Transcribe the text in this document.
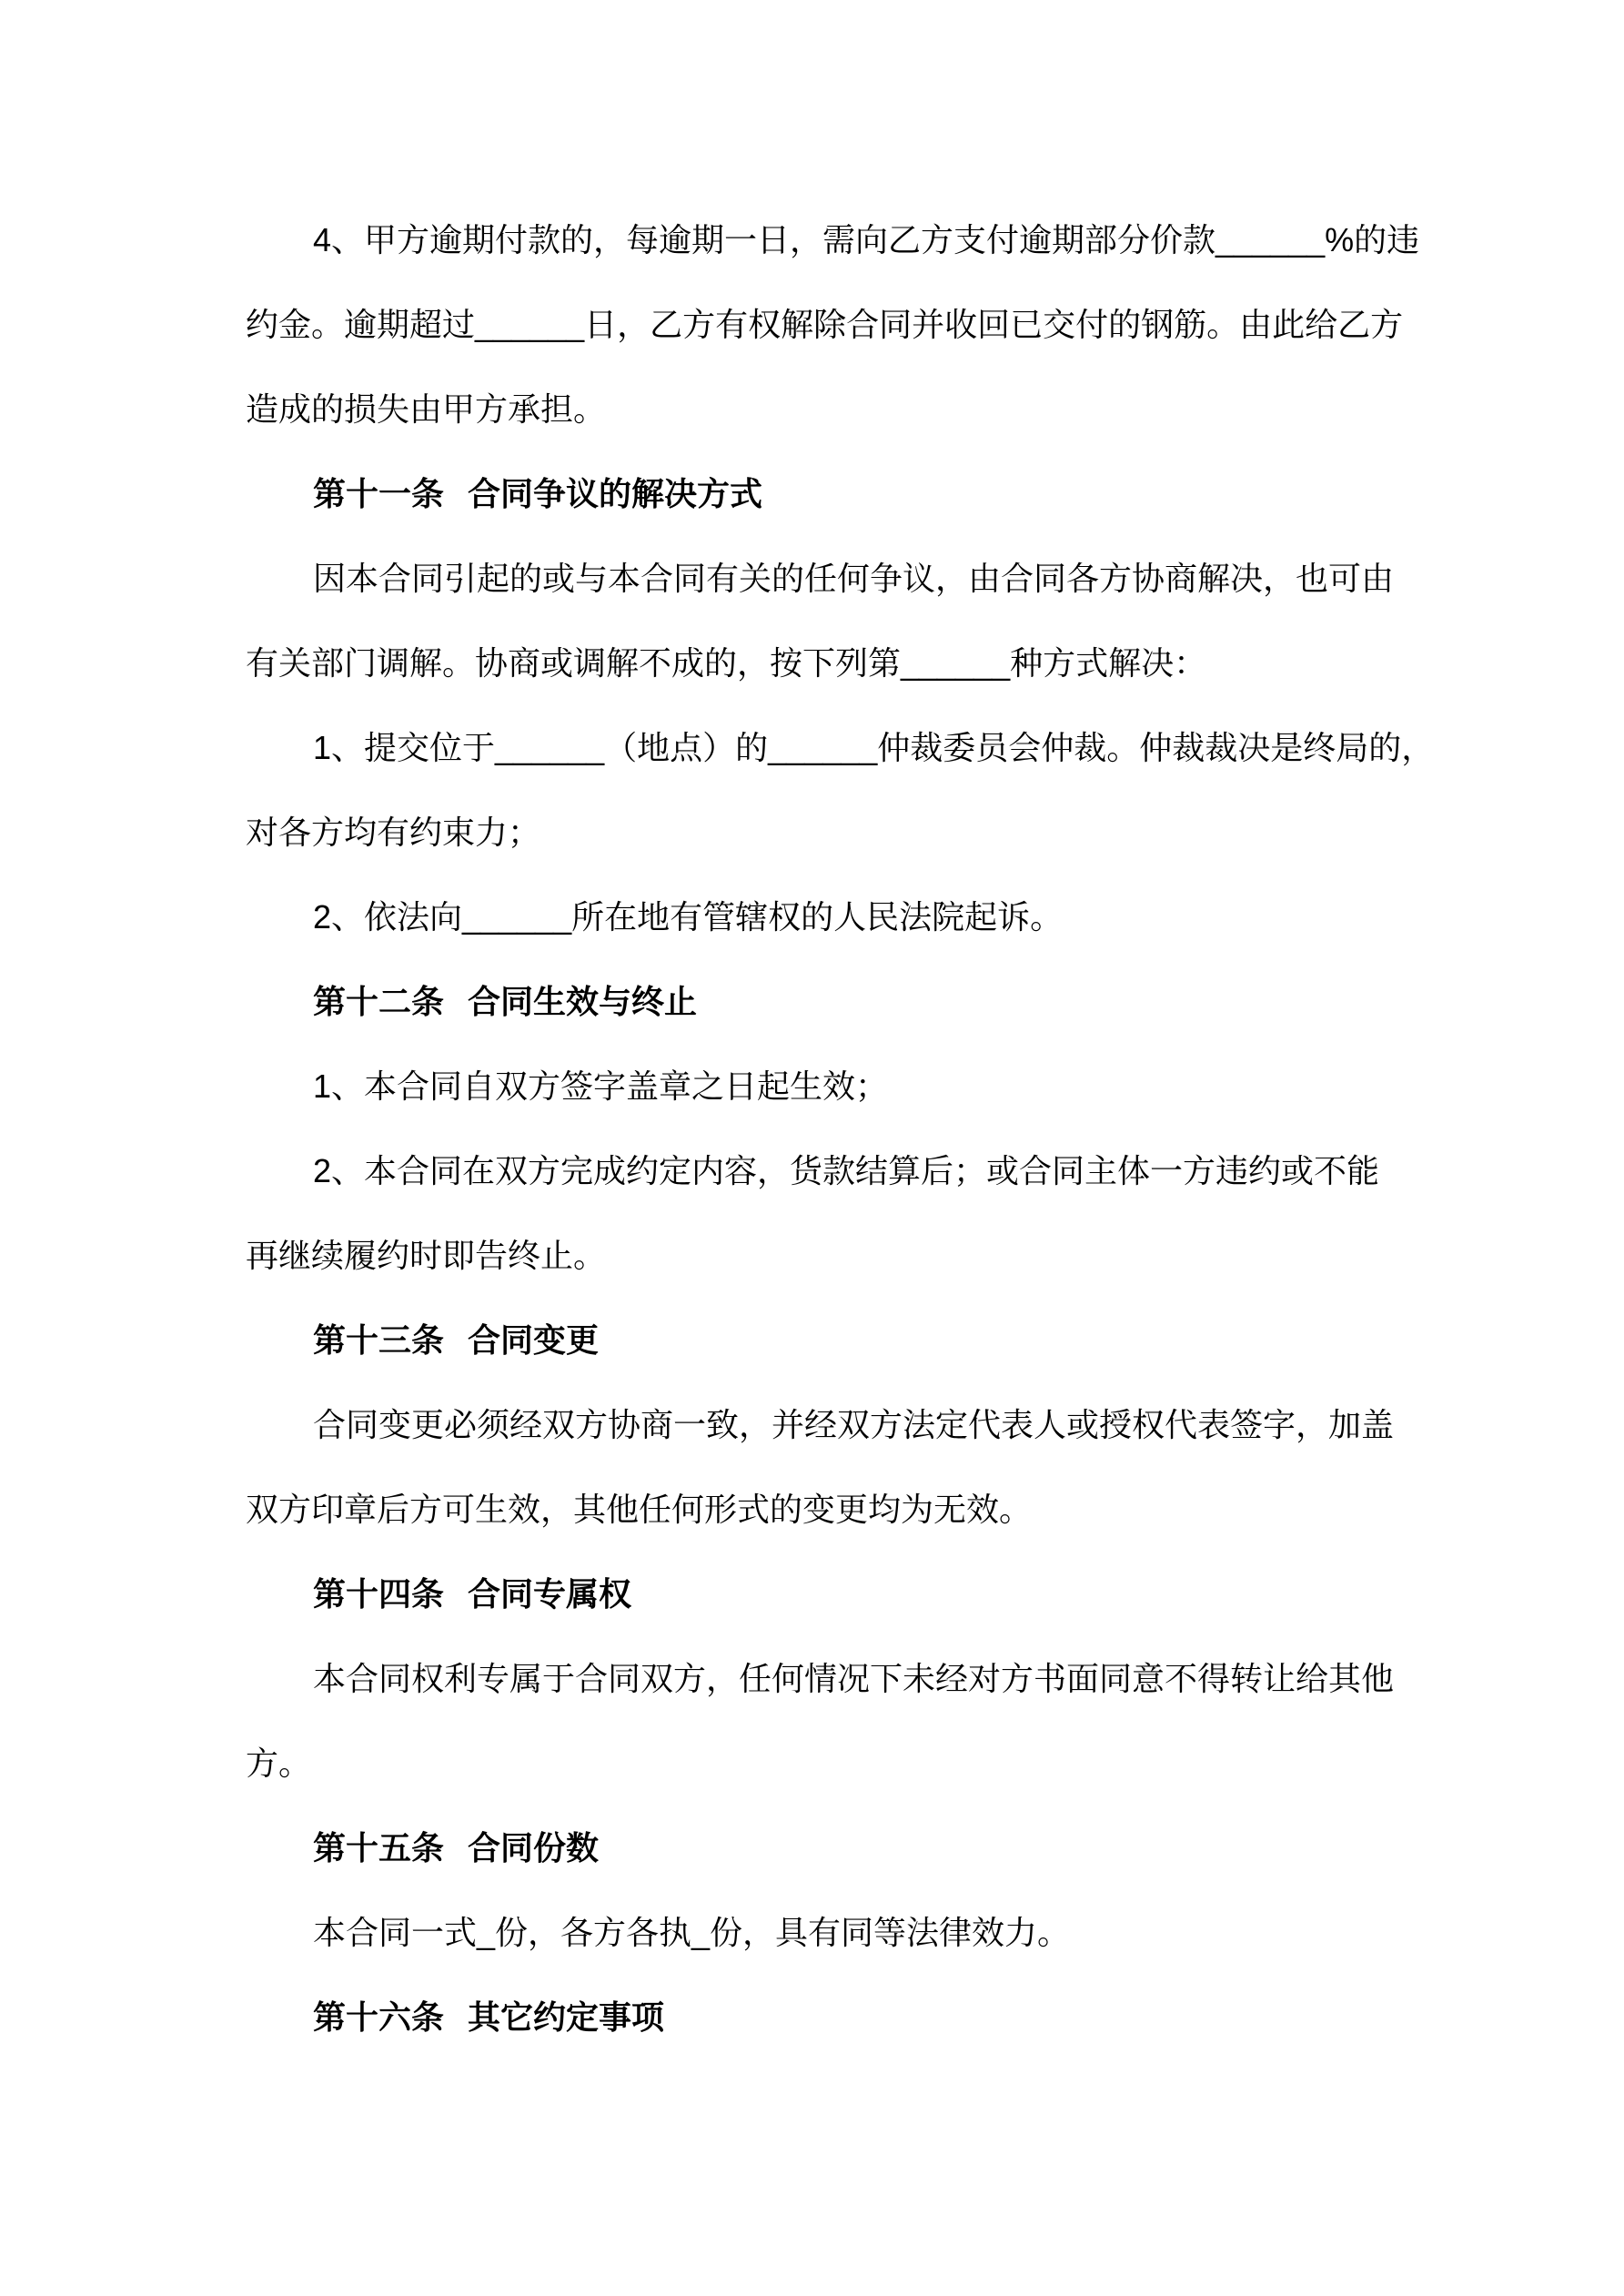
4、甲方逾期付款的，每逾期一日，需向乙方支付逾期部分价款______%的违
约金。逾期超过______日，乙方有权解除合同并收回已交付的钢筋。由此给乙方
造成的损失由甲方承担。
第十一条 合同争议的解决方式
因本合同引起的或与本合同有关的任何争议，由合同各方协商解决，也可由
有关部门调解。协商或调解不成的，按下列第______种方式解决：
1、提交位于______（地点）的______仲裁委员会仲裁。仲裁裁决是终局的，
对各方均有约束力；
2、依法向______所在地有管辖权的人民法院起诉。
第十二条 合同生效与终止
1、本合同自双方签字盖章之日起生效；
2、本合同在双方完成约定内容，货款结算后；或合同主体一方违约或不能
再继续履约时即告终止。
第十三条 合同变更
合同变更必须经双方协商一致，并经双方法定代表人或授权代表签字，加盖
双方印章后方可生效，其他任何形式的变更均为无效。
第十四条 合同专属权
本合同权利专属于合同双方，任何情况下未经对方书面同意不得转让给其他
方。
第十五条 合同份数
本合同一式_份，各方各执_份，具有同等法律效力。
第十六条 其它约定事项
